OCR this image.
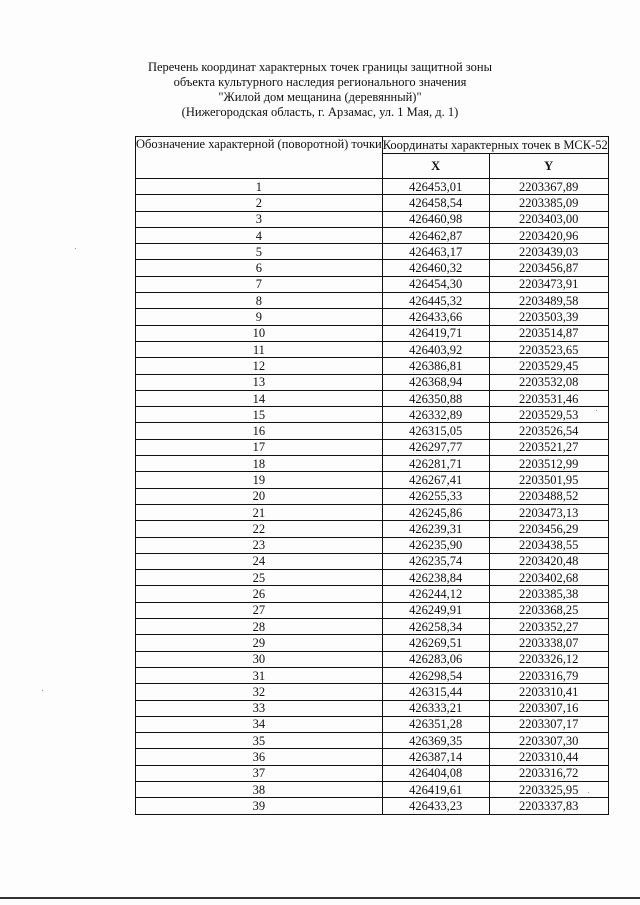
Перечень координат характерных точек границы защитной зоны
объекта культурного наследия регионального значения
"Жилой дом мещанина (деревянный)"
(Нижегородская область, г. Арзамас, ул. 1 Мая, д. 1)
Обозначение характерной (поворотной) точки	Координаты характерных точек в МСК-52	
	X	Y
1	426453,01	2203367,89
2	426458,54	2203385,09
3	426460,98	2203403,00
4	426462,87	2203420,96
5	426463,17	2203439,03
6	426460,32	2203456,87
7	426454,30	2203473,91
8	426445,32	2203489,58
9	426433,66	2203503,39
10	426419,71	2203514,87
11	426403,92	2203523,65
12	426386,81	2203529,45
13	426368,94	2203532,08
14	426350,88	2203531,46
15	426332,89	2203529,53
16	426315,05	2203526,54
17	426297,77	2203521,27
18	426281,71	2203512,99
19	426267,41	2203501,95
20	426255,33	2203488,52
21	426245,86	2203473,13
22	426239,31	2203456,29
23	426235,90	2203438,55
24	426235,74	2203420,48
25	426238,84	2203402,68
26	426244,12	2203385,38
27	426249,91	2203368,25
28	426258,34	2203352,27
29	426269,51	2203338,07
30	426283,06	2203326,12
31	426298,54	2203316,79
32	426315,44	2203310,41
33	426333,21	2203307,16
34	426351,28	2203307,17
35	426369,35	2203307,30
36	426387,14	2203310,44
37	426404,08	2203316,72
38	426419,61	2203325,95
39	426433,23	2203337,83
